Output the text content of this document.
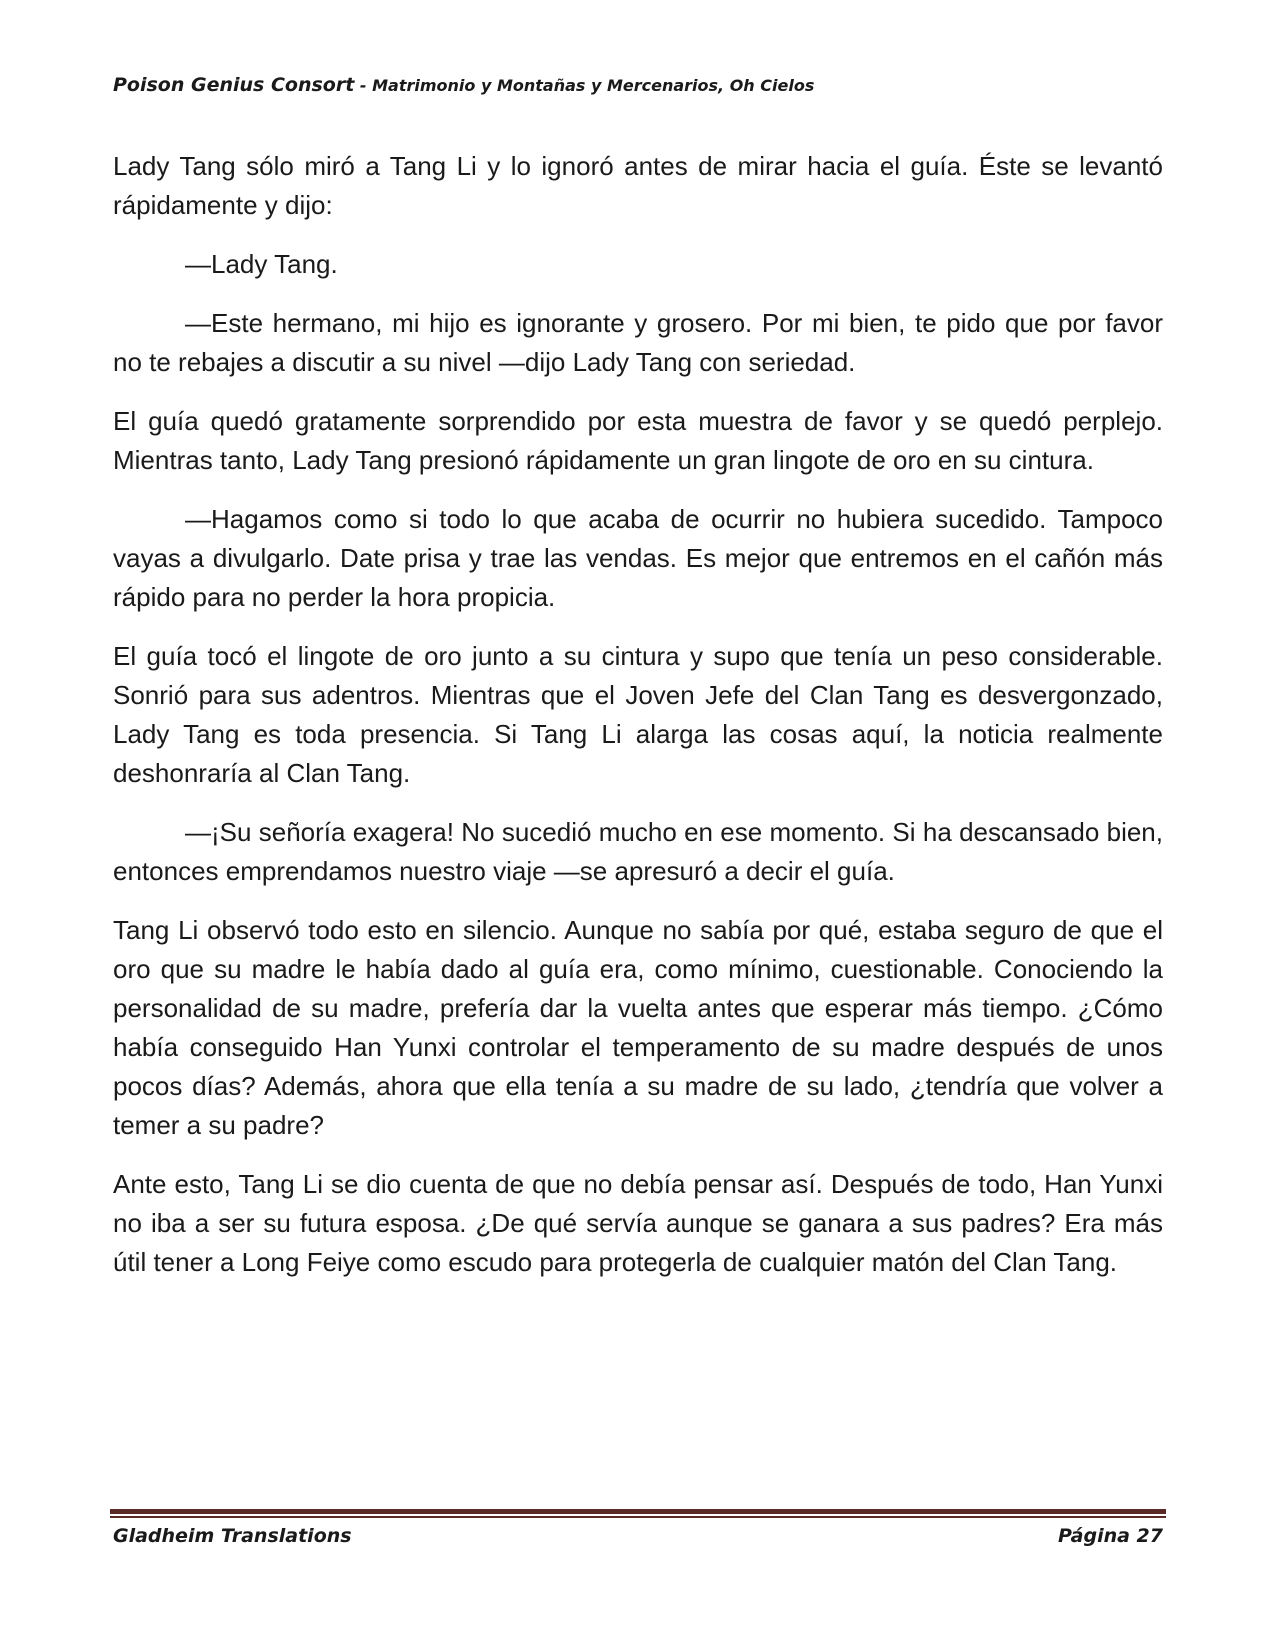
Poison Genius Consort - Matrimonio y Montañas y Mercenarios, Oh Cielos

Lady Tang sólo miró a Tang Li y lo ignoró antes de mirar hacia el guía. Éste se levantó rápidamente y dijo:

—Lady Tang.

—Este hermano, mi hijo es ignorante y grosero. Por mi bien, te pido que por favor no te rebajes a discutir a su nivel —dijo Lady Tang con seriedad.

El guía quedó gratamente sorprendido por esta muestra de favor y se quedó perplejo. Mientras tanto, Lady Tang presionó rápidamente un gran lingote de oro en su cintura.

—Hagamos como si todo lo que acaba de ocurrir no hubiera sucedido. Tampoco vayas a divulgarlo. Date prisa y trae las vendas. Es mejor que entremos en el cañón más rápido para no perder la hora propicia.

El guía tocó el lingote de oro junto a su cintura y supo que tenía un peso considerable. Sonrió para sus adentros. Mientras que el Joven Jefe del Clan Tang es desvergonzado, Lady Tang es toda presencia. Si Tang Li alarga las cosas aquí, la noticia realmente deshonraría al Clan Tang.

—¡Su señoría exagera! No sucedió mucho en ese momento. Si ha descansado bien, entonces emprendamos nuestro viaje —se apresuró a decir el guía.

Tang Li observó todo esto en silencio. Aunque no sabía por qué, estaba seguro de que el oro que su madre le había dado al guía era, como mínimo, cuestionable. Conociendo la personalidad de su madre, prefería dar la vuelta antes que esperar más tiempo. ¿Cómo había conseguido Han Yunxi controlar el temperamento de su madre después de unos pocos días? Además, ahora que ella tenía a su madre de su lado, ¿tendría que volver a temer a su padre?

Ante esto, Tang Li se dio cuenta de que no debía pensar así. Después de todo, Han Yunxi no iba a ser su futura esposa. ¿De qué servía aunque se ganara a sus padres? Era más útil tener a Long Feiye como escudo para protegerla de cualquier matón del Clan Tang.

Gladheim Translations	Página 27
